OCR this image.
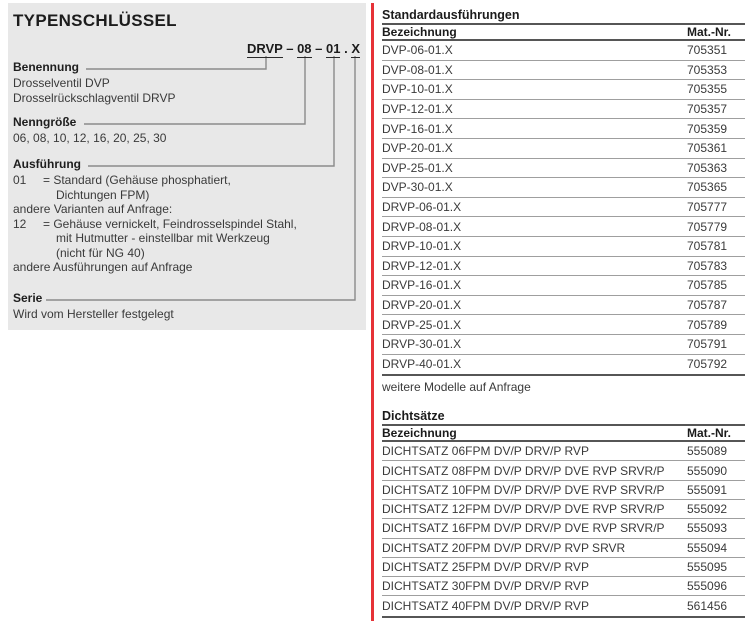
TYPENSCHLÜSSEL
DRVP – 08 – 01 . X
Benennung
Drosselventil DVP
Drosselrückschlagventil DRVP
Nenngröße
06, 08, 10, 12, 16, 20, 25, 30
Ausführung
01 = Standard (Gehäuse phosphatiert,
Dichtungen FPM)
andere Varianten auf Anfrage:
12 = Gehäuse vernickelt, Feindrosselspindel Stahl,
mit Hutmutter - einstellbar mit Werkzeug
(nicht für NG 40)
andere Ausführungen auf Anfrage
Serie
Wird vom Hersteller festgelegt
Standardausführungen
Bezeichnung	Mat.-Nr.
DVP-06-01.X	705351
DVP-08-01.X	705353
DVP-10-01.X	705355
DVP-12-01.X	705357
DVP-16-01.X	705359
DVP-20-01.X	705361
DVP-25-01.X	705363
DVP-30-01.X	705365
DRVP-06-01.X	705777
DRVP-08-01.X	705779
DRVP-10-01.X	705781
DRVP-12-01.X	705783
DRVP-16-01.X	705785
DRVP-20-01.X	705787
DRVP-25-01.X	705789
DRVP-30-01.X	705791
DRVP-40-01.X	705792
weitere Modelle auf Anfrage
Dichtsätze
Bezeichnung	Mat.-Nr.
DICHTSATZ 06FPM DV/P DRV/P RVP	555089
DICHTSATZ 08FPM DV/P DRV/P DVE RVP SRVR/P	555090
DICHTSATZ 10FPM DV/P DRV/P DVE RVP SRVR/P	555091
DICHTSATZ 12FPM DV/P DRV/P DVE RVP SRVR/P	555092
DICHTSATZ 16FPM DV/P DRV/P DVE RVP SRVR/P	555093
DICHTSATZ 20FPM DV/P DRV/P RVP SRVR	555094
DICHTSATZ 25FPM DV/P DRV/P RVP	555095
DICHTSATZ 30FPM DV/P DRV/P RVP	555096
DICHTSATZ 40FPM DV/P DRV/P RVP	561456
